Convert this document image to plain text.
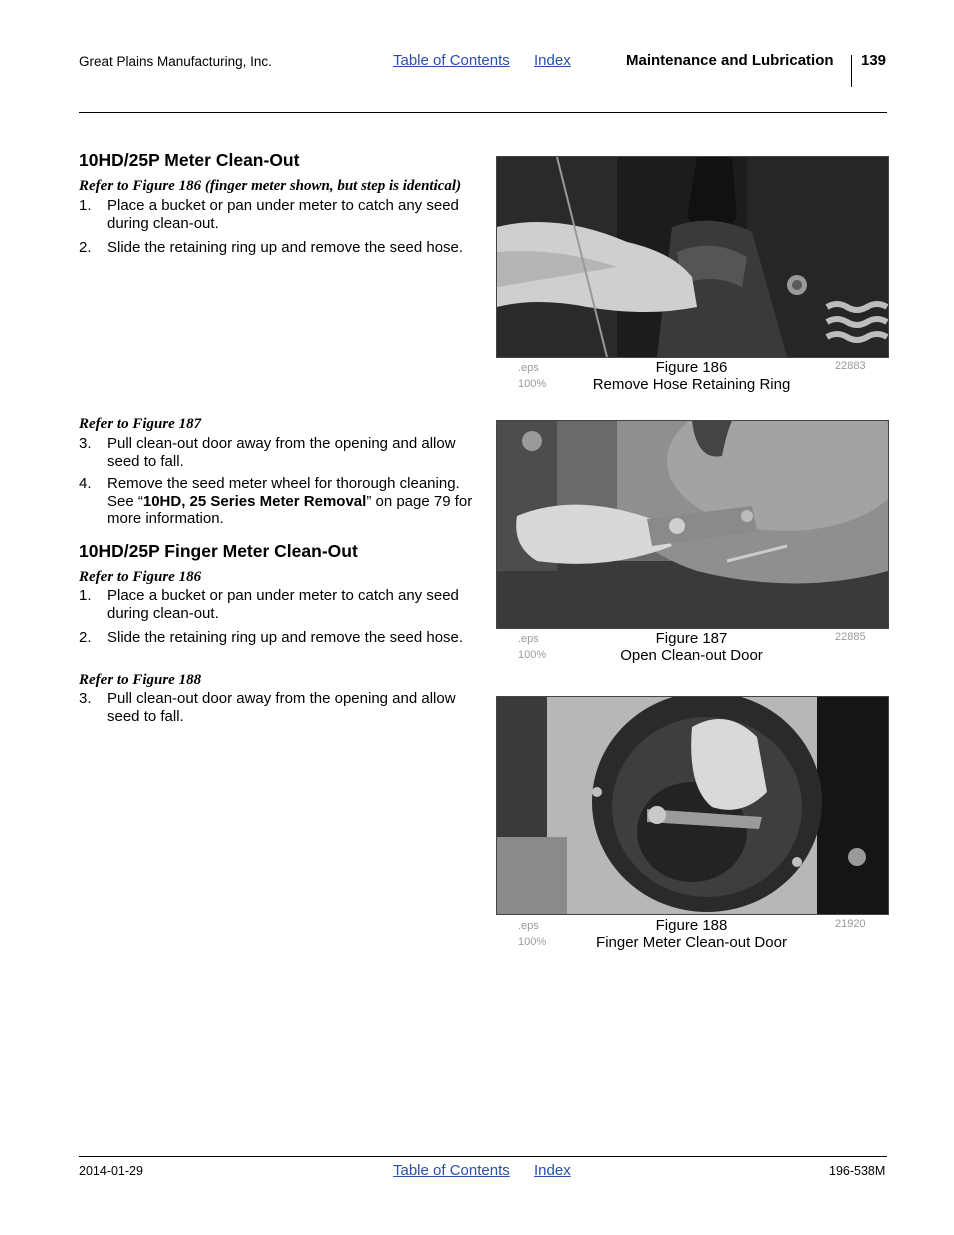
Great Plains Manufacturing, Inc.	Table of Contents Index	Maintenance and Lubrication 139
10HD/25P Meter Clean-Out
Refer to Figure 186 (finger meter shown, but step is identical)
1. Place a bucket or pan under meter to catch any seed during clean-out.
2. Slide the retaining ring up and remove the seed hose.
Refer to Figure 187
3. Pull clean-out door away from the opening and allow seed to fall.
4. Remove the seed meter wheel for thorough cleaning. See “10HD, 25 Series Meter Removal” on page 79 for more information.
10HD/25P Finger Meter Clean-Out
Refer to Figure 186
1. Place a bucket or pan under meter to catch any seed during clean-out.
2. Slide the retaining ring up and remove the seed hose.
Refer to Figure 188
3. Pull clean-out door away from the opening and allow seed to fall.
.eps
100%
22883
Figure 186
Remove Hose Retaining Ring
.eps
100%
22885
Figure 187
Open Clean-out Door
.eps
100%
21920
Figure 188
Finger Meter Clean-out Door
2014-01-29	Table of Contents Index	196-538M
